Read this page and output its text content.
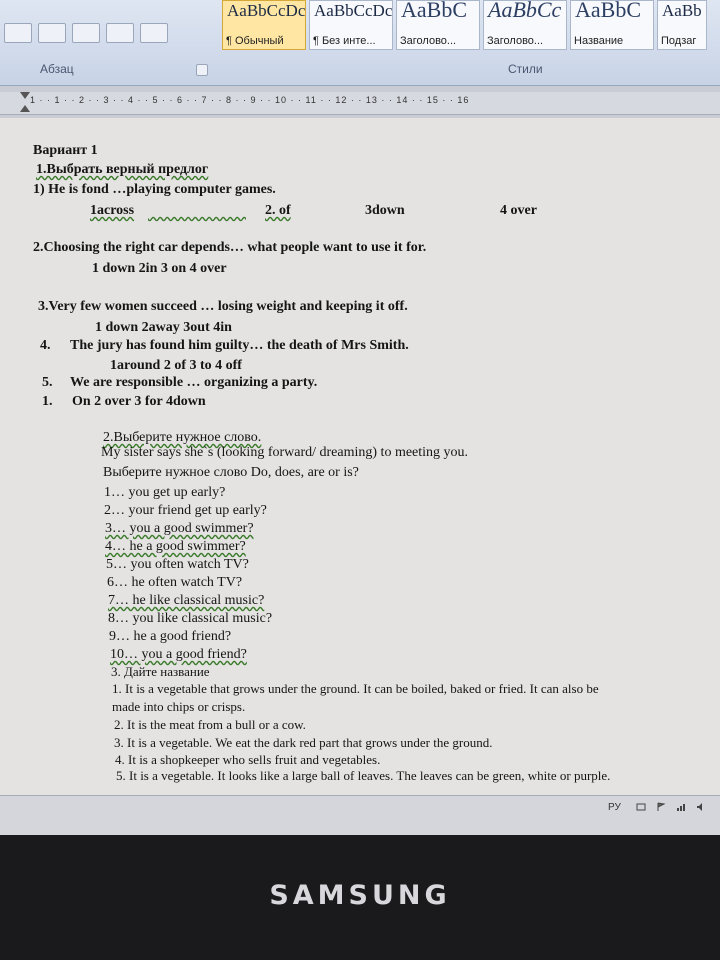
Абзац	Стили
AaBbCcDc
¶ Обычный
AaBbCcDc
¶ Без инте...
AaBbC
Заголово...
AaBbCc
Заголово...
AaBbC
Название
AaBb
Подзаг
1 · · 1 · · 2 · · 3 · · 4 · · 5 · · 6 · · 7 · · 8 · · 9 · · 10 · · 11 · · 12 · · 13 · · 14 · · 15 · · 16
Вариант 1
1.Выбрать верный предлог
1) He is fond …playing computer games.
1across
	2. of	3down	4 over
2.Choosing the right car depends… what people want to use it for.
1 down 2in 3 on 4 over
3.Very few women succeed … losing weight and keeping it off.
1 down 2away 3out 4in
4. The jury has found him guilty… the death of Mrs Smith.
1around 2 of 3 to 4 off
5. We are responsible … organizing a party.
1. On 2 over 3 for 4down
2.Выберите нужное слово.
My sister says she`s (looking forward/ dreaming) to meeting you.
Выберите нужное слово Do, does, are or is?
1… you get up early?
2… your friend get up early?
3… you a good swimmer?
4… he a good swimmer?
5… you often watch TV?
6… he often watch TV?
7… he like classical music?
8… you like classical music?
9… he a good friend?
10… you a good friend?
3. Дайте название
1. It is a vegetable that grows under the ground. It can be boiled, baked or fried. It can also be
made into chips or crisps.
2. It is the meat from a bull or a cow.
3. It is a vegetable. We eat the dark red part that grows under the ground.
4. It is a shopkeeper who sells fruit and vegetables.
5. It is a vegetable. It looks like a large ball of leaves. The leaves can be green, white or purple.
РУ
SAMSUNG
